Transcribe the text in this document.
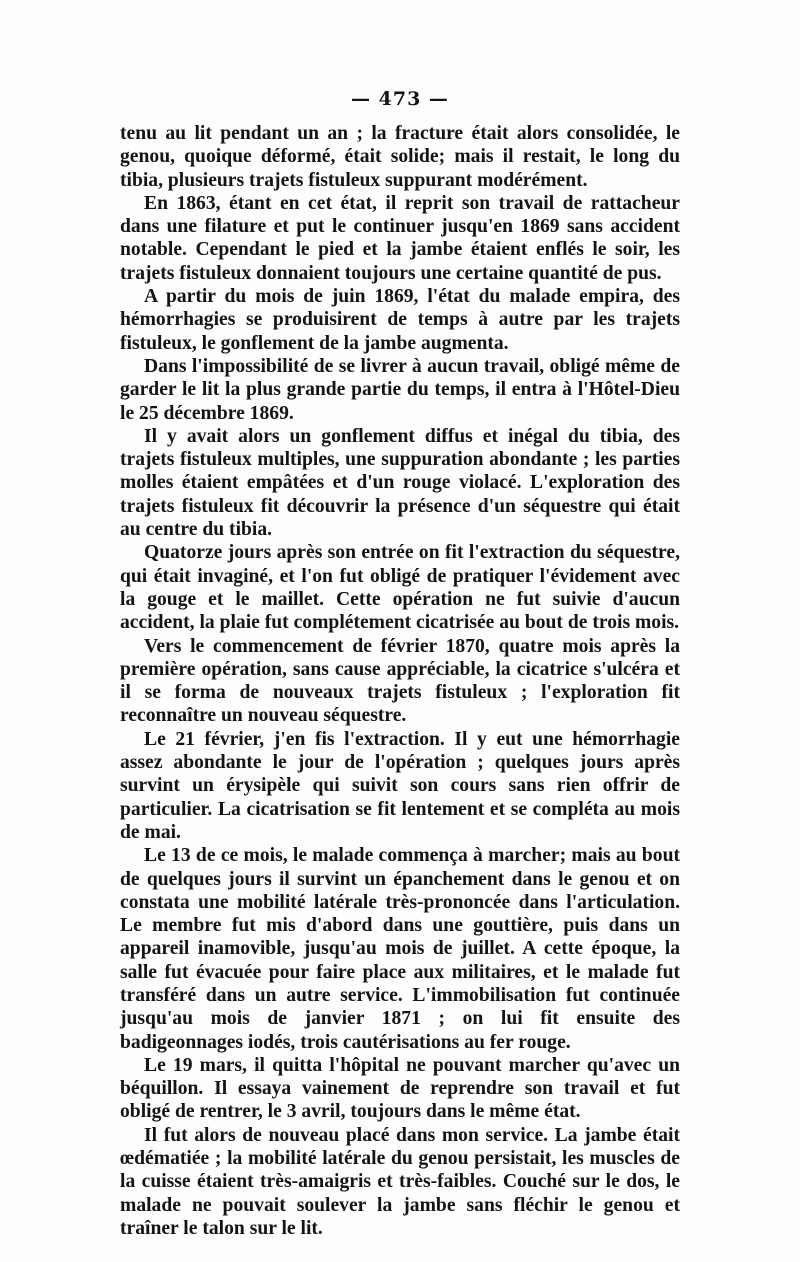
— 473 —

tenu au lit pendant un an ; la fracture était alors consolidée, le genou, quoique déformé, était solide; mais il restait, le long du tibia, plusieurs trajets fistuleux suppurant modérément.

En 1863, étant en cet état, il reprit son travail de rattacheur dans une filature et put le continuer jusqu'en 1869 sans accident notable. Cependant le pied et la jambe étaient enflés le soir, les trajets fistuleux donnaient toujours une certaine quantité de pus.

A partir du mois de juin 1869, l'état du malade empira, des hémorrhagies se produisirent de temps à autre par les trajets fistuleux, le gonflement de la jambe augmenta.

Dans l'impossibilité de se livrer à aucun travail, obligé même de garder le lit la plus grande partie du temps, il entra à l'Hôtel-Dieu le 25 décembre 1869.

Il y avait alors un gonflement diffus et inégal du tibia, des trajets fistuleux multiples, une suppuration abondante ; les parties molles étaient empâtées et d'un rouge violacé. L'exploration des trajets fistuleux fit découvrir la présence d'un séquestre qui était au centre du tibia.

Quatorze jours après son entrée on fit l'extraction du séquestre, qui était invaginé, et l'on fut obligé de pratiquer l'évidement avec la gouge et le maillet. Cette opération ne fut suivie d'aucun accident, la plaie fut complétement cicatrisée au bout de trois mois.

Vers le commencement de février 1870, quatre mois après la première opération, sans cause appréciable, la cicatrice s'ulcéra et il se forma de nouveaux trajets fistuleux ; l'exploration fit reconnaître un nouveau séquestre.

Le 21 février, j'en fis l'extraction. Il y eut une hémorrhagie assez abondante le jour de l'opération ; quelques jours après survint un érysipèle qui suivit son cours sans rien offrir de particulier. La cicatrisation se fit lentement et se compléta au mois de mai.

Le 13 de ce mois, le malade commença à marcher; mais au bout de quelques jours il survint un épanchement dans le genou et on constata une mobilité latérale très-prononcée dans l'articulation. Le membre fut mis d'abord dans une gouttière, puis dans un appareil inamovible, jusqu'au mois de juillet. A cette époque, la salle fut évacuée pour faire place aux militaires, et le malade fut transféré dans un autre service. L'immobilisation fut continuée jusqu'au mois de janvier 1871 ; on lui fit ensuite des badigeonnages iodés, trois cautérisations au fer rouge.

Le 19 mars, il quitta l'hôpital ne pouvant marcher qu'avec un béquillon. Il essaya vainement de reprendre son travail et fut obligé de rentrer, le 3 avril, toujours dans le même état.

Il fut alors de nouveau placé dans mon service. La jambe était œdématiée ; la mobilité latérale du genou persistait, les muscles de la cuisse étaient très-amaigris et très-faibles. Couché sur le dos, le malade ne pouvait soulever la jambe sans fléchir le genou et traîner le talon sur le lit.
